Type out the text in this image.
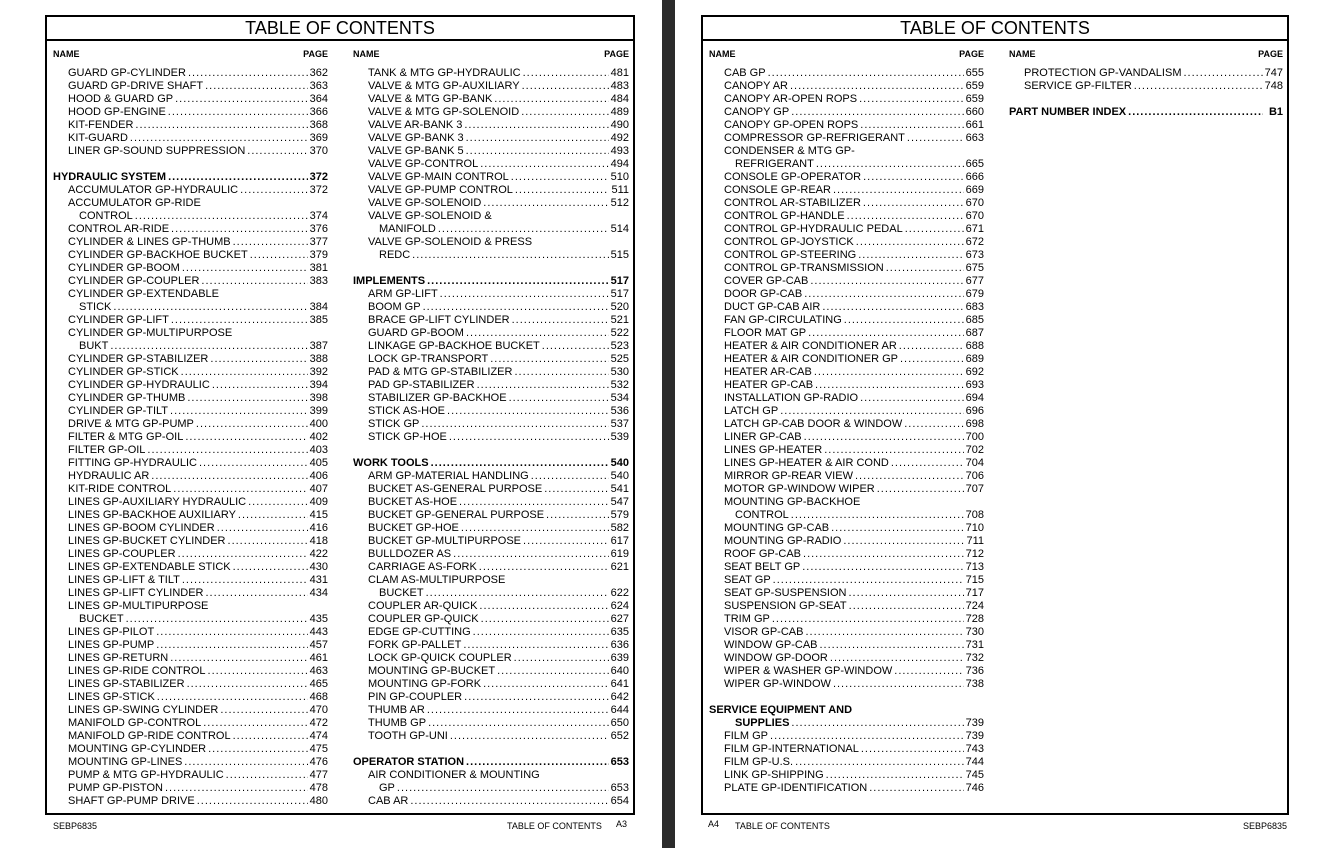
TABLE OF CONTENTS
NAME	PAGE
GUARD GP-CYLINDER .....	362
GUARD GP-DRIVE SHAFT .....	363
HOOD & GUARD GP .....	364
HOOD GP-ENGINE .....	366
KIT-FENDER .....	368
KIT-GUARD .....	369
LINER GP-SOUND SUPPRESSION .....	370
HYDRAULIC SYSTEM .....	372
ACCUMULATOR GP-HYDRAULIC .....	372
ACCUMULATOR GP-RIDE
CONTROL .....	374
CONTROL AR-RIDE .....	376
CYLINDER & LINES GP-THUMB .....	377
CYLINDER GP-BACKHOE BUCKET .....	379
CYLINDER GP-BOOM .....	381
CYLINDER GP-COUPLER .....	383
CYLINDER GP-EXTENDABLE
STICK .....	384
CYLINDER GP-LIFT .....	385
CYLINDER GP-MULTIPURPOSE
BUKT .....	387
CYLINDER GP-STABILIZER .....	388
CYLINDER GP-STICK .....	392
CYLINDER GP-HYDRAULIC .....	394
CYLINDER GP-THUMB .....	398
CYLINDER GP-TILT .....	399
DRIVE & MTG GP-PUMP .....	400
FILTER & MTG GP-OIL .....	402
FILTER GP-OIL .....	403
FITTING GP-HYDRAULIC .....	405
HYDRAULIC AR .....	406
KIT-RIDE CONTROL .....	407
LINES GP-AUXILIARY HYDRAULIC .....	409
LINES GP-BACKHOE AUXILIARY .....	415
LINES GP-BOOM CYLINDER .....	416
LINES GP-BUCKET CYLINDER .....	418
LINES GP-COUPLER .....	422
LINES GP-EXTENDABLE STICK .....	430
LINES GP-LIFT & TILT .....	431
LINES GP-LIFT CYLINDER .....	434
LINES GP-MULTIPURPOSE
BUCKET .....	435
LINES GP-PILOT .....	443
LINES GP-PUMP .....	457
LINES GP-RETURN .....	461
LINES GP-RIDE CONTROL .....	463
LINES GP-STABILIZER .....	465
LINES GP-STICK .....	468
LINES GP-SWING CYLINDER .....	470
MANIFOLD GP-CONTROL .....	472
MANIFOLD GP-RIDE CONTROL .....	474
MOUNTING GP-CYLINDER .....	475
MOUNTING GP-LINES .....	476
PUMP & MTG GP-HYDRAULIC .....	477
PUMP GP-PISTON .....	478
SHAFT GP-PUMP DRIVE .....	480
NAME	PAGE
TANK & MTG GP-HYDRAULIC .....	481
VALVE & MTG GP-AUXILIARY .....	483
VALVE & MTG GP-BANK .....	484
VALVE & MTG GP-SOLENOID .....	489
VALVE AR-BANK 3 .....	490
VALVE GP-BANK 3 .....	492
VALVE GP-BANK 5 .....	493
VALVE GP-CONTROL .....	494
VALVE GP-MAIN CONTROL .....	510
VALVE GP-PUMP CONTROL .....	511
VALVE GP-SOLENOID .....	512
VALVE GP-SOLENOID &
MANIFOLD .....	514
VALVE GP-SOLENOID & PRESS
REDC .....	515
IMPLEMENTS .....	517
ARM GP-LIFT .....	517
BOOM GP .....	520
BRACE GP-LIFT CYLINDER .....	521
GUARD GP-BOOM .....	522
LINKAGE GP-BACKHOE BUCKET .....	523
LOCK GP-TRANSPORT .....	525
PAD & MTG GP-STABILIZER .....	530
PAD GP-STABILIZER .....	532
STABILIZER GP-BACKHOE .....	534
STICK AS-HOE .....	536
STICK GP .....	537
STICK GP-HOE .....	539
WORK TOOLS .....	540
ARM GP-MATERIAL HANDLING .....	540
BUCKET AS-GENERAL PURPOSE .....	541
BUCKET AS-HOE .....	547
BUCKET GP-GENERAL PURPOSE .....	579
BUCKET GP-HOE .....	582
BUCKET GP-MULTIPURPOSE .....	617
BULLDOZER AS .....	619
CARRIAGE AS-FORK .....	621
CLAM AS-MULTIPURPOSE
BUCKET .....	622
COUPLER AR-QUICK .....	624
COUPLER GP-QUICK .....	627
EDGE GP-CUTTING .....	635
FORK GP-PALLET .....	636
LOCK GP-QUICK COUPLER .....	639
MOUNTING GP-BUCKET .....	640
MOUNTING GP-FORK .....	641
PIN GP-COUPLER .....	642
THUMB AR .....	644
THUMB GP .....	650
TOOTH GP-UNI .....	652
OPERATOR STATION .....	653
AIR CONDITIONER & MOUNTING
GP .....	653
CAB AR .....	654
SEBP6835	TABLE OF CONTENTS A3
TABLE OF CONTENTS
NAME	PAGE
CAB GP .....	655
CANOPY AR .....	659
CANOPY AR-OPEN ROPS .....	659
CANOPY GP .....	660
CANOPY GP-OPEN ROPS .....	661
COMPRESSOR GP-REFRIGERANT .....	663
CONDENSER & MTG GP-
REFRIGERANT .....	665
CONSOLE GP-OPERATOR .....	666
CONSOLE GP-REAR .....	669
CONTROL AR-STABILIZER .....	670
CONTROL GP-HANDLE .....	670
CONTROL GP-HYDRAULIC PEDAL .....	671
CONTROL GP-JOYSTICK .....	672
CONTROL GP-STEERING .....	673
CONTROL GP-TRANSMISSION .....	675
COVER GP-CAB .....	677
DOOR GP-CAB .....	679
DUCT GP-CAB AIR .....	683
FAN GP-CIRCULATING .....	685
FLOOR MAT GP .....	687
HEATER & AIR CONDITIONER AR .....	688
HEATER & AIR CONDITIONER GP .....	689
HEATER AR-CAB .....	692
HEATER GP-CAB .....	693
INSTALLATION GP-RADIO .....	694
LATCH GP .....	696
LATCH GP-CAB DOOR & WINDOW .....	698
LINER GP-CAB .....	700
LINES GP-HEATER .....	702
LINES GP-HEATER & AIR COND .....	704
MIRROR GP-REAR VIEW .....	706
MOTOR GP-WINDOW WIPER .....	707
MOUNTING GP-BACKHOE
CONTROL .....	708
MOUNTING GP-CAB .....	710
MOUNTING GP-RADIO .....	711
ROOF GP-CAB .....	712
SEAT BELT GP .....	713
SEAT GP .....	715
SEAT GP-SUSPENSION .....	717
SUSPENSION GP-SEAT .....	724
TRIM GP .....	728
VISOR GP-CAB .....	730
WINDOW GP-CAB .....	731
WINDOW GP-DOOR .....	732
WIPER & WASHER GP-WINDOW .....	736
WIPER GP-WINDOW .....	738
SERVICE EQUIPMENT AND
SUPPLIES .....	739
FILM GP .....	739
FILM GP-INTERNATIONAL .....	743
FILM GP-U.S. .....	744
LINK GP-SHIPPING .....	745
PLATE GP-IDENTIFICATION .....	746
NAME	PAGE
PROTECTION GP-VANDALISM .....	747
SERVICE GP-FILTER .....	748
PART NUMBER INDEX .....	B1
A4 TABLE OF CONTENTS	SEBP6835
